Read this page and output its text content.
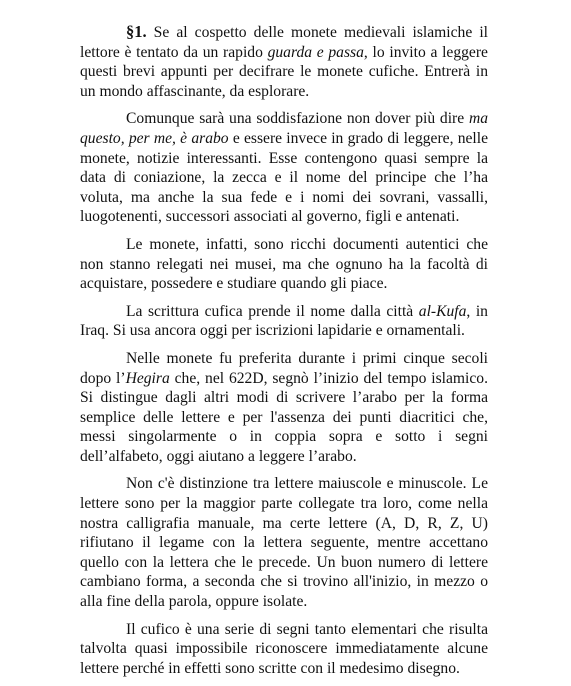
§1. Se al cospetto delle monete medievali islamiche il lettore è tentato da un rapido guarda e passa, lo invito a leggere questi brevi appunti per decifrare le monete cufiche. Entrerà in un mondo affascinante, da esplorare.

Comunque sarà una soddisfazione non dover più dire ma questo, per me, è arabo e essere invece in grado di leggere, nelle monete, notizie interessanti. Esse contengono quasi sempre la data di coniazione, la zecca e il nome del principe che l’ha voluta, ma anche la sua fede e i nomi dei sovrani, vassalli, luogotenenti, successori associati al governo, figli e antenati.

Le monete, infatti, sono ricchi documenti autentici che non stanno relegati nei musei, ma che ognuno ha la facoltà di acquistare, possedere e studiare quando gli piace.

La scrittura cufica prende il nome dalla città al-Kufa, in Iraq. Si usa ancora oggi per iscrizioni lapidarie e ornamentali.

Nelle monete fu preferita durante i primi cinque secoli dopo l’Hegira che, nel 622D, segnò l’inizio del tempo islamico. Si distingue dagli altri modi di scrivere l’arabo per la forma semplice delle lettere e per l'assenza dei punti diacritici che, messi singolarmente o in coppia sopra e sotto i segni dell’alfabeto, oggi aiutano a leggere l’arabo.

Non c'è distinzione tra lettere maiuscole e minuscole. Le lettere sono per la maggior parte collegate tra loro, come nella nostra calligrafia manuale, ma certe lettere (A, D, R, Z, U) rifiutano il legame con la lettera seguente, mentre accettano quello con la lettera che le precede. Un buon numero di lettere cambiano forma, a seconda che si trovino all'inizio, in mezzo o alla fine della parola, oppure isolate.

Il cufico è una serie di segni tanto elementari che risulta talvolta quasi impossibile riconoscere immediatamente alcune lettere perché in effetti sono scritte con il medesimo disegno.
